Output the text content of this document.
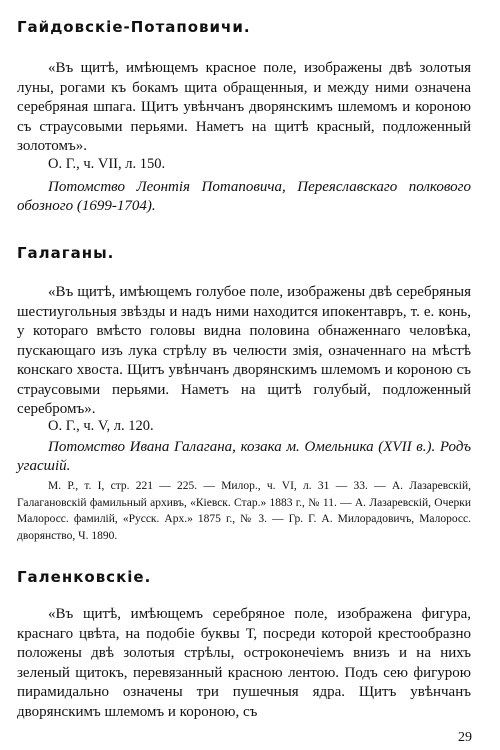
Гайдовскіе-Потаповичи.

«Въ щитѣ, имѣющемъ красное поле, изображены двѣ золотыя луны, рогами къ бокамъ щита обращенныя, и между ними означена серебряная шпага. Щитъ увѣнчанъ дворянскимъ шлемомъ и короною съ страусовыми перьями. Наметъ на щитѣ красный, подложенный золотомъ».

О. Г., ч. VII, л. 150.

Потомство Леонтія Потаповича, Переяславскаго полкового обозного (1699-1704).

Галаганы.

«Въ щитѣ, имѣющемъ голубое поле, изображены двѣ серебряныя шестиугольныя звѣзды и надъ ними находится ипокентавръ, т. е. конь, у котораго вмѣсто головы видна половина обнаженнаго человѣка, пускающаго изъ лука стрѣлу въ челюсти змія, означеннаго на мѣстѣ конскаго хвоста. Щитъ увѣнчанъ дворянскимъ шлемомъ и короною съ страусовыми перьями. Наметъ на щитѣ голубый, подложенный серебромъ».

О. Г., ч. V, л. 120.

Потомство Ивана Галагана, козака м. Омельника (XVII в.). Родъ угасшій.

М. Р., т. I, стр. 221 — 225. — Милор., ч. VI, л. 31 — 33. — А. Лазаревскій, Галагановскій фамильный архивъ, «Кіевск. Стар.» 1883 г., № 11. — А. Лазаревскій, Очерки Малоросс. фамилій, «Русск. Арх.» 1875 г., № 3. — Гр. Г. А. Милорадовичъ, Малоросс. дворянство, Ч. 1890.

Галенковскіе.

«Въ щитѣ, имѣющемъ серебряное поле, изображена фигура, краснаго цвѣта, на подобіе буквы Т, посреди которой крестообразно положены двѣ золотыя стрѣлы, остроконечіемъ внизъ и на нихъ зеленый щитокъ, перевязанный красною лентою. Подъ сею фигурою пирамидально означены три пушечныя ядра. Щитъ увѣнчанъ дворянскимъ шлемомъ и короною, съ

29
